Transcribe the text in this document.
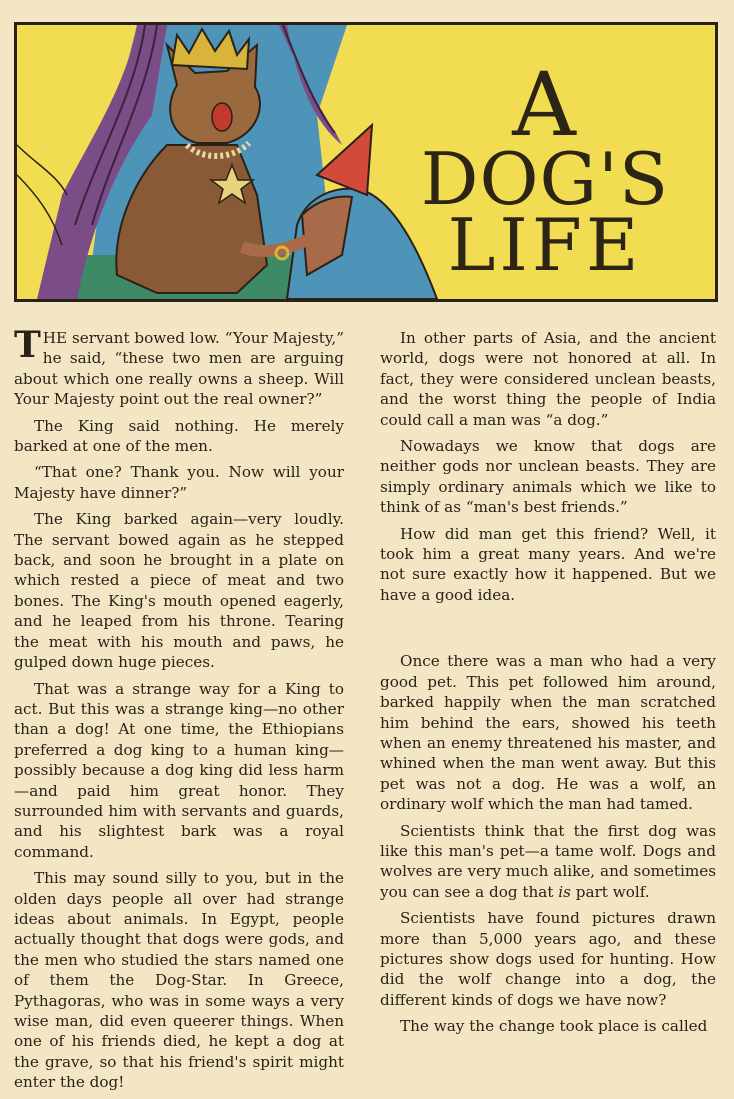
A
DOG'S
LIFE

THE servant bowed low. “Your Majesty,” he said, “these two men are arguing about which one really owns a sheep. Will Your Majesty point out the real owner?”

The King said nothing. He merely barked at one of the men.

“That one? Thank you. Now will your Majesty have dinner?”

The King barked again—very loudly. The servant bowed again as he stepped back, and soon he brought in a plate on which rested a piece of meat and two bones. The King's mouth opened eagerly, and he leaped from his throne. Tearing the meat with his mouth and paws, he gulped down huge pieces.

That was a strange way for a King to act. But this was a strange king—no other than a dog! At one time, the Ethiopians preferred a dog king to a human king—possibly because a dog king did less harm—and paid him great honor. They surrounded him with servants and guards, and his slightest bark was a royal command.

This may sound silly to you, but in the olden days people all over had strange ideas about animals. In Egypt, people actually thought that dogs were gods, and the men who studied the stars named one of them the Dog-Star. In Greece, Pythagoras, who was in some ways a very wise man, did even queerer things. When one of his friends died, he kept a dog at the grave, so that his friend's spirit might enter the dog!

In other parts of Asia, and the ancient world, dogs were not honored at all. In fact, they were considered unclean beasts, and the worst thing the people of India could call a man was “a dog.”

Nowadays we know that dogs are neither gods nor unclean beasts. They are simply ordinary animals which we like to think of as “man's best friends.”

How did man get this friend? Well, it took him a great many years. And we're not sure exactly how it happened. But we have a good idea.

Once there was a man who had a very good pet. This pet followed him around, barked happily when the man scratched him behind the ears, showed his teeth when an enemy threatened his master, and whined when the man went away. But this pet was not a dog. He was a wolf, an ordinary wolf which the man had tamed.

Scientists think that the first dog was like this man's pet—a tame wolf. Dogs and wolves are very much alike, and sometimes you can see a dog that is part wolf.

Scientists have found pictures drawn more than 5,000 years ago, and these pictures show dogs used for hunting. How did the wolf change into a dog, the different kinds of dogs we have now?

The way the change took place is called
